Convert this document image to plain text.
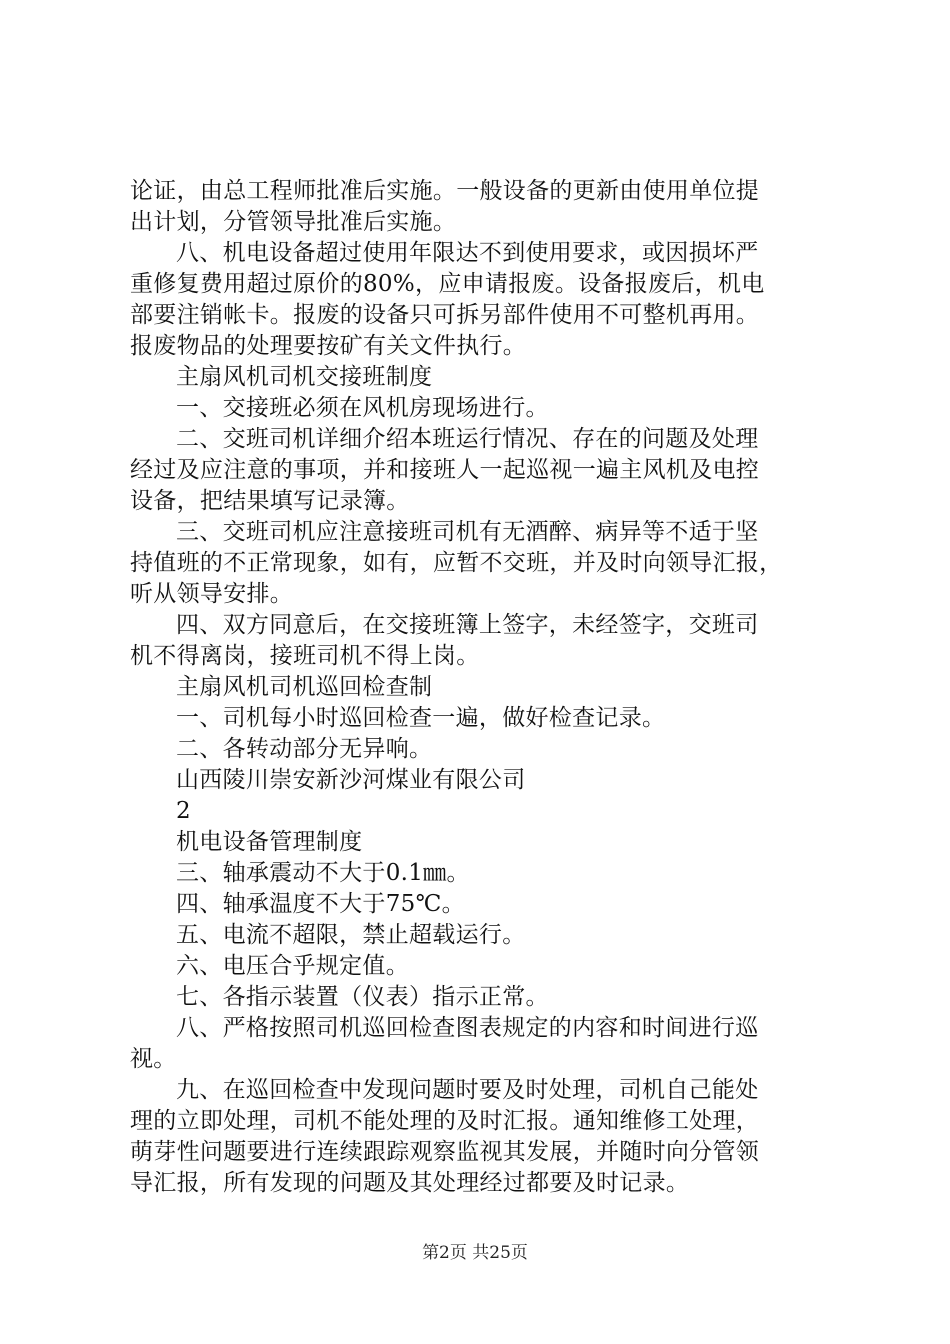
论证，由总工程师批准后实施。一般设备的更新由使用单位提
出计划，分管领导批准后实施。
八、机电设备超过使用年限达不到使用要求，或因损坏严
重修复费用超过原价的80%，应申请报废。设备报废后，机电
部要注销帐卡。报废的设备只可拆另部件使用不可整机再用。
报废物品的处理要按矿有关文件执行。
主扇风机司机交接班制度
一、交接班必须在风机房现场进行。
二、交班司机详细介绍本班运行情况、存在的问题及处理
经过及应注意的事项，并和接班人一起巡视一遍主风机及电控
设备，把结果填写记录簿。
三、交班司机应注意接班司机有无酒醉、病异等不适于坚
持值班的不正常现象，如有，应暂不交班，并及时向领导汇报，
听从领导安排。
四、双方同意后，在交接班簿上签字，未经签字，交班司
机不得离岗，接班司机不得上岗。
主扇风机司机巡回检查制
一、司机每小时巡回检查一遍，做好检查记录。
二、各转动部分无异响。
山西陵川崇安新沙河煤业有限公司
2
机电设备管理制度
三、轴承震动不大于0.1㎜。
四、轴承温度不大于75℃。
五、电流不超限，禁止超载运行。
六、电压合乎规定值。
七、各指示装置（仪表）指示正常。
八、严格按照司机巡回检查图表规定的内容和时间进行巡
视。
九、在巡回检查中发现问题时要及时处理，司机自己能处
理的立即处理，司机不能处理的及时汇报。通知维修工处理，
萌芽性问题要进行连续跟踪观察监视其发展，并随时向分管领
导汇报，所有发现的问题及其处理经过都要及时记录。
第2页 共25页
